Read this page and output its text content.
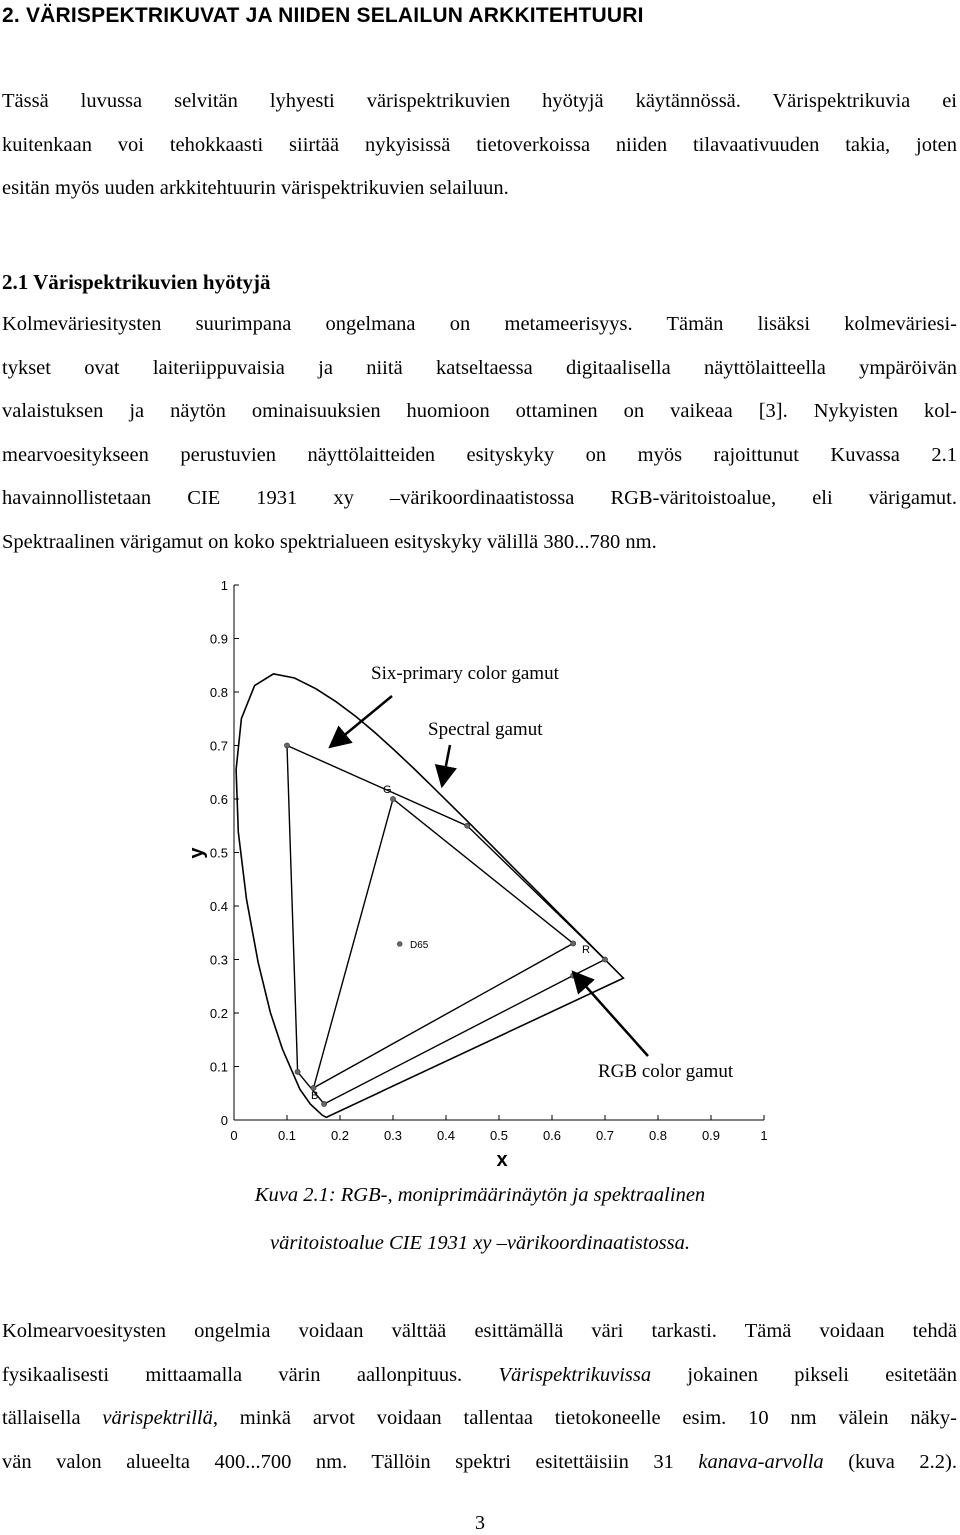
2. VÄRISPEKTRIKUVAT JA NIIDEN SELAILUN ARKKITEHTUURI
Tässä luvussa selvitän lyhyesti värispektrikuvien hyötyjä käytännössä. Värispektrikuvia ei
kuitenkaan voi tehokkaasti siirtää nykyisissä tietoverkoissa niiden tilavaativuuden takia, joten
esitän myös uuden arkkitehtuurin värispektrikuvien selailuun.
2.1 Värispektrikuvien hyötyjä
Kolmeväriesitysten suurimpana ongelmana on metameerisyys. Tämän lisäksi kolmeväriesi-
tykset ovat laiteriippuvaisia ja niitä katseltaessa digitaalisella näyttölaitteella ympäröivän
valaistuksen ja näytön ominaisuuksien huomioon ottaminen on vaikeaa [3]. Nykyisten kol-
mearvoesitykseen perustuvien näyttölaitteiden esityskyky on myös rajoittunut Kuvassa 2.1
havainnollistetaan CIE 1931 xy –värikoordinaatistossa RGB-väritoistoalue, eli värigamut.
Spektraalinen värigamut on koko spektrialueen esityskyky välillä 380...780 nm.
0	0.1	0.2	0.3	0.4	0.5	0.6	0.7	0.8	0.9	1
0
0.1
0.2
0.3
0.4
0.5
0.6
0.7
0.8
0.9
1
G
R
B
D65
Six-primary color gamut
Spectral gamut
RGB color gamut
x
y
Kuva 2.1: RGB-, moniprimäärinäytön ja spektraalinen
väritoistoalue CIE 1931 xy –värikoordinaatistossa.
Kolmearvoesitysten ongelmia voidaan välttää esittämällä väri tarkasti. Tämä voidaan tehdä
fysikaalisesti mittaamalla värin aallonpituus. Värispektrikuvissa jokainen pikseli esitetään
tällaisella värispektrillä, minkä arvot voidaan tallentaa tietokoneelle esim. 10 nm välein näky-
vän valon alueelta 400...700 nm. Tällöin spektri esitettäisiin 31 kanava-arvolla (kuva 2.2).
3
